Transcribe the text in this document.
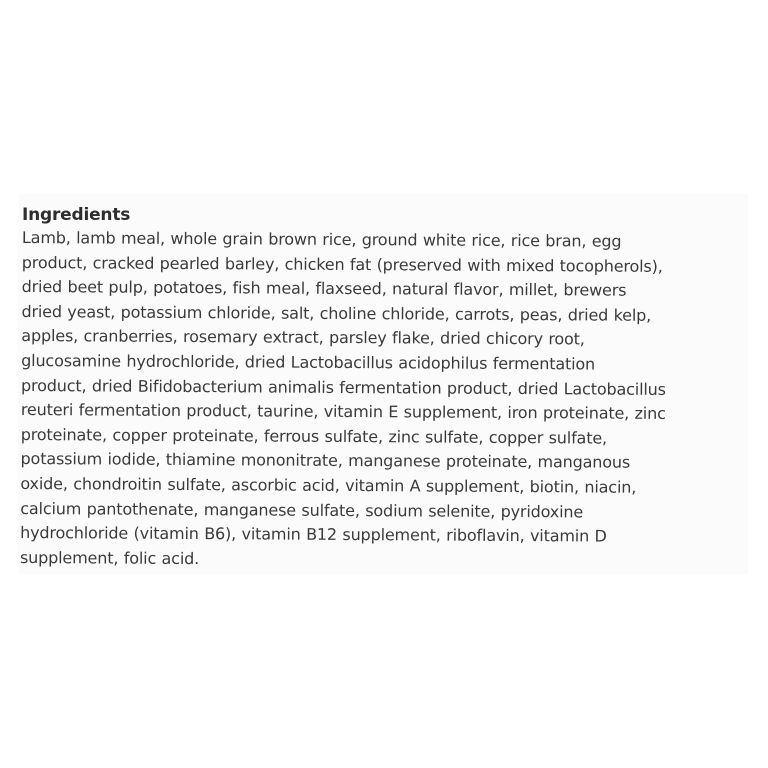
Ingredients
Lamb, lamb meal, whole grain brown rice, ground white rice, rice bran, egg
product, cracked pearled barley, chicken fat (preserved with mixed tocopherols),
dried beet pulp, potatoes, fish meal, flaxseed, natural flavor, millet, brewers
dried yeast, potassium chloride, salt, choline chloride, carrots, peas, dried kelp,
apples, cranberries, rosemary extract, parsley flake, dried chicory root,
glucosamine hydrochloride, dried Lactobacillus acidophilus fermentation
product, dried Bifidobacterium animalis fermentation product, dried Lactobacillus
reuteri fermentation product, taurine, vitamin E supplement, iron proteinate, zinc
proteinate, copper proteinate, ferrous sulfate, zinc sulfate, copper sulfate,
potassium iodide, thiamine mononitrate, manganese proteinate, manganous
oxide, chondroitin sulfate, ascorbic acid, vitamin A supplement, biotin, niacin,
calcium pantothenate, manganese sulfate, sodium selenite, pyridoxine
hydrochloride (vitamin B6), vitamin B12 supplement, riboflavin, vitamin D
supplement, folic acid.
